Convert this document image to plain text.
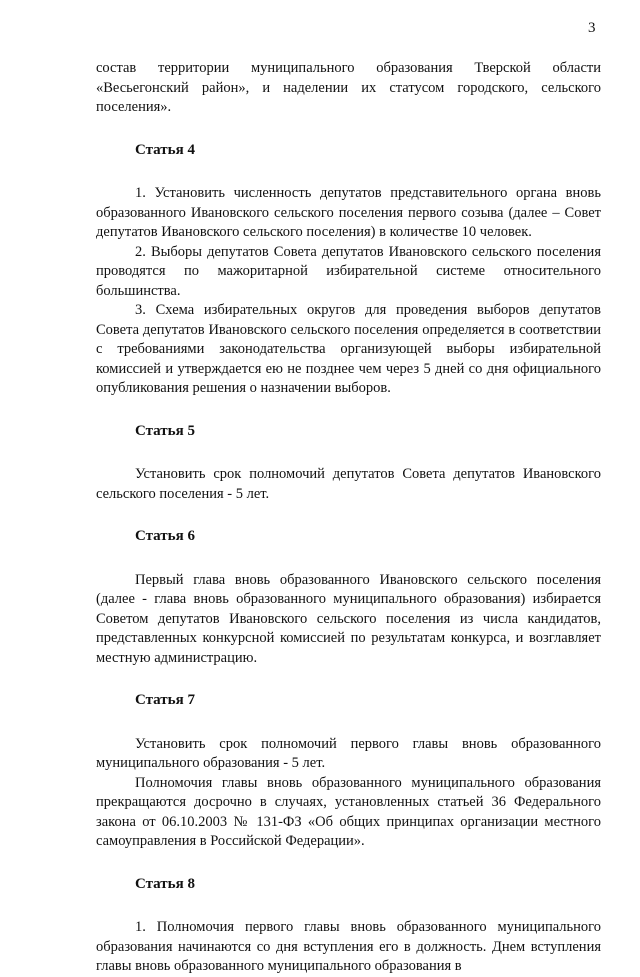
3

состав территории муниципального образования Тверской области «Весьегонский район», и наделении их статусом городского, сельского поселения».

Статья 4

1. Установить численность депутатов представительного органа вновь образованного Ивановского сельского поселения первого созыва (далее – Совет депутатов Ивановского сельского поселения) в количестве 10 человек.

2. Выборы депутатов Совета депутатов Ивановского сельского поселения проводятся по мажоритарной избирательной системе относительного большинства.

3. Схема избирательных округов для проведения выборов депутатов Совета депутатов Ивановского сельского поселения определяется в соответствии с требованиями законодательства организующей выборы избирательной комиссией и утверждается ею не позднее чем через 5 дней со дня официального опубликования решения о назначении выборов.

Статья 5

Установить срок полномочий депутатов Совета депутатов Ивановского сельского поселения - 5 лет.

Статья 6

Первый глава вновь образованного Ивановского сельского поселения (далее - глава вновь образованного муниципального образования) избирается Советом депутатов Ивановского сельского поселения из числа кандидатов, представленных конкурсной комиссией по результатам конкурса, и возглавляет местную администрацию.

Статья 7

Установить срок полномочий первого главы вновь образованного муниципального образования - 5 лет.

Полномочия главы вновь образованного муниципального образования прекращаются досрочно в случаях, установленных статьей 36 Федерального закона от 06.10.2003 № 131-ФЗ «Об общих принципах организации местного самоуправления в Российской Федерации».

Статья 8

1. Полномочия первого главы вновь образованного муниципального образования начинаются со дня вступления его в должность. Днем вступления главы вновь образованного муниципального образования в
